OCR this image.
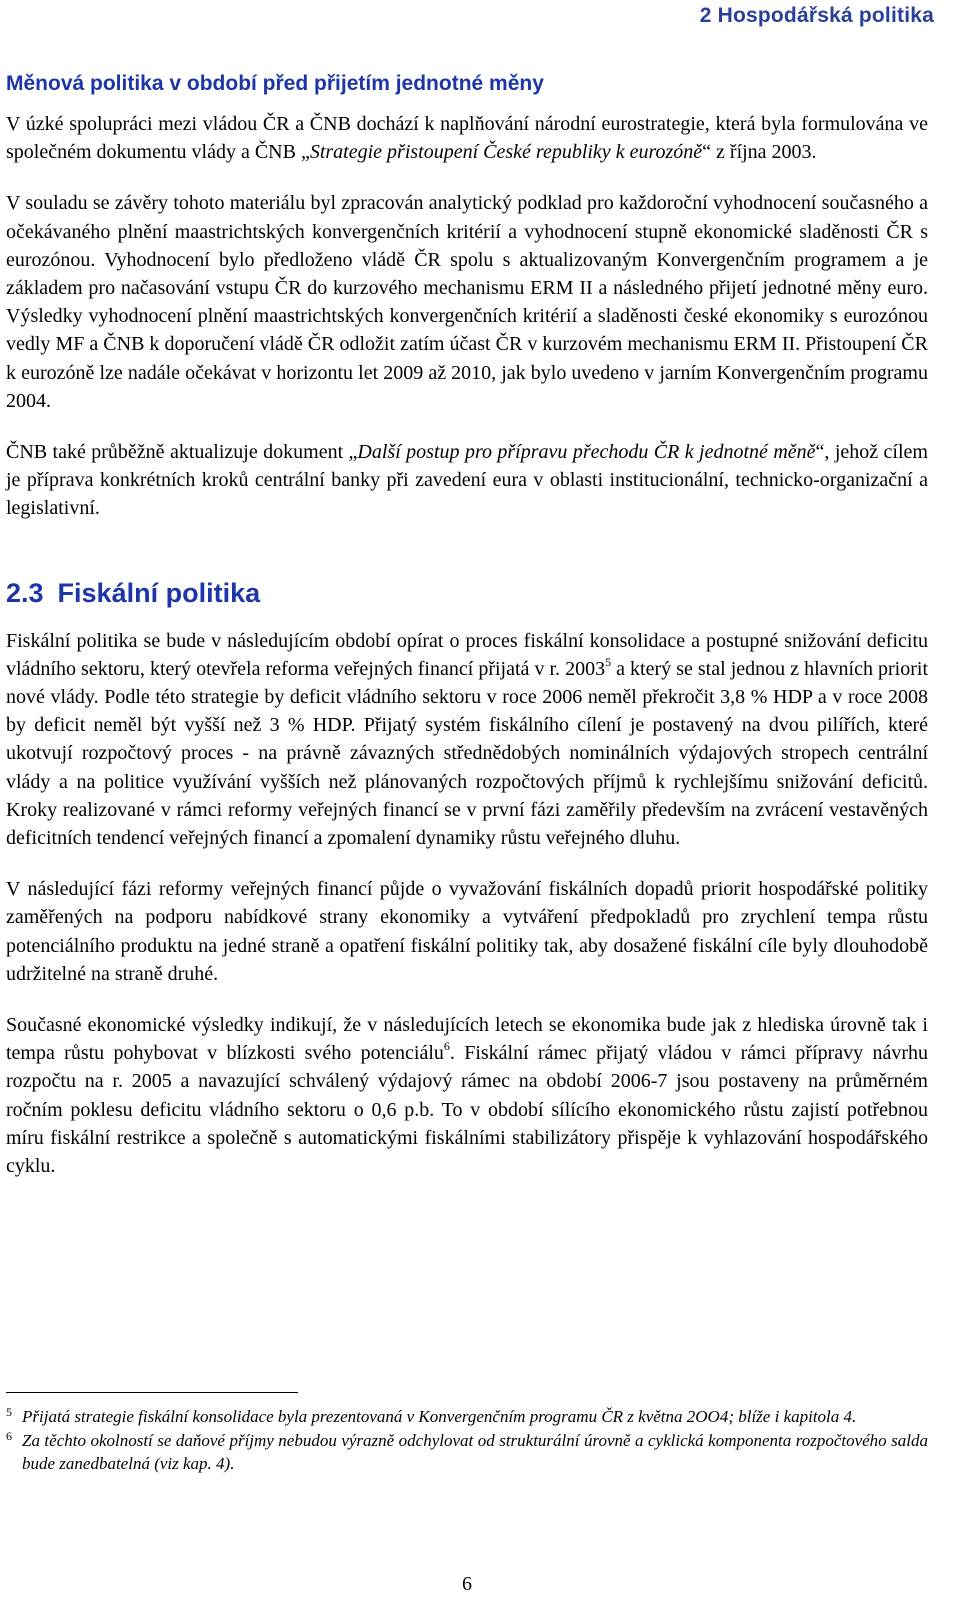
2 Hospodářská politika
Měnová politika v období před přijetím jednotné měny

V úzké spolupráci mezi vládou ČR a ČNB dochází k naplňování národní eurostrategie, která byla formulována ve společném dokumentu vlády a ČNB „Strategie přistoupení České republiky k eurozóně“ z října 2003.

V souladu se závěry tohoto materiálu byl zpracován analytický podklad pro každoroční vyhodnocení současného a očekávaného plnění maastrichtských konvergenčních kritérií a vyhodnocení stupně ekonomické sladěnosti ČR s eurozónou. Vyhodnocení bylo předloženo vládě ČR spolu s aktualizovaným Konvergenčním programem a je základem pro načasování vstupu ČR do kurzového mechanismu ERM II a následného přijetí jednotné měny euro. Výsledky vyhodnocení plnění maastrichtských konvergenčních kritérií a sladěnosti české ekonomiky s eurozónou vedly MF a ČNB k doporučení vládě ČR odložit zatím účast ČR v kurzovém mechanismu ERM II. Přistoupení ČR k eurozóně lze nadále očekávat v horizontu let 2009 až 2010, jak bylo uvedeno v jarním Konvergenčním programu 2004.

ČNB také průběžně aktualizuje dokument „Další postup pro přípravu přechodu ČR k jednotné měně“, jehož cílem je příprava konkrétních kroků centrální banky při zavedení eura v oblasti institucionální, technicko-organizační a legislativní.

2.3 Fiskální politika

Fiskální politika se bude v následujícím období opírat o proces fiskální konsolidace a postupné snižování deficitu vládního sektoru, který otevřela reforma veřejných financí přijatá v r. 2003$^5$ a který se stal jednou z hlavních priorit nové vlády. Podle této strategie by deficit vládního sektoru v roce 2006 neměl překročit 3,8 % HDP a v roce 2008 by deficit neměl být vyšší než 3 % HDP. Přijatý systém fiskálního cílení je postavený na dvou pilířích, které ukotvují rozpočtový proces - na právně závazných střednědobých nominálních výdajových stropech centrální vlády a na politice využívání vyšších než plánovaných rozpočtových příjmů k rychlejšímu snižování deficitů. Kroky realizované v rámci reformy veřejných financí se v první fázi zaměřily především na zvrácení vestavěných deficitních tendencí veřejných financí a zpomalení dynamiky růstu veřejného dluhu.

V následující fázi reformy veřejných financí půjde o vyvažování fiskálních dopadů priorit hospodářské politiky zaměřených na podporu nabídkové strany ekonomiky a vytváření předpokladů pro zrychlení tempa růstu potenciálního produktu na jedné straně a opatření fiskální politiky tak, aby dosažené fiskální cíle byly dlouhodobě udržitelné na straně druhé.

Současné ekonomické výsledky indikují, že v následujících letech se ekonomika bude jak z hlediska úrovně tak i tempa růstu pohybovat v blízkosti svého potenciálu$^6$. Fiskální rámec přijatý vládou v rámci přípravy návrhu rozpočtu na r. 2005 a navazující schválený výdajový rámec na období 2006-7 jsou postaveny na průměrném ročním poklesu deficitu vládního sektoru o 0,6 p.b. To v období sílícího ekonomického růstu zajistí potřebnou míru fiskální restrikce a společně s automatickými fiskálními stabilizátory přispěje k vyhlazování hospodářského cyklu.

5 Přijatá strategie fiskální konsolidace byla prezentovaná v Konvergenčním programu ČR z května 2OO4; blíže i kapitola 4.
6 Za těchto okolností se daňové příjmy nebudou výrazně odchylovat od strukturální úrovně a cyklická komponenta rozpočtového salda bude zanedbatelná (viz kap. 4).
6
